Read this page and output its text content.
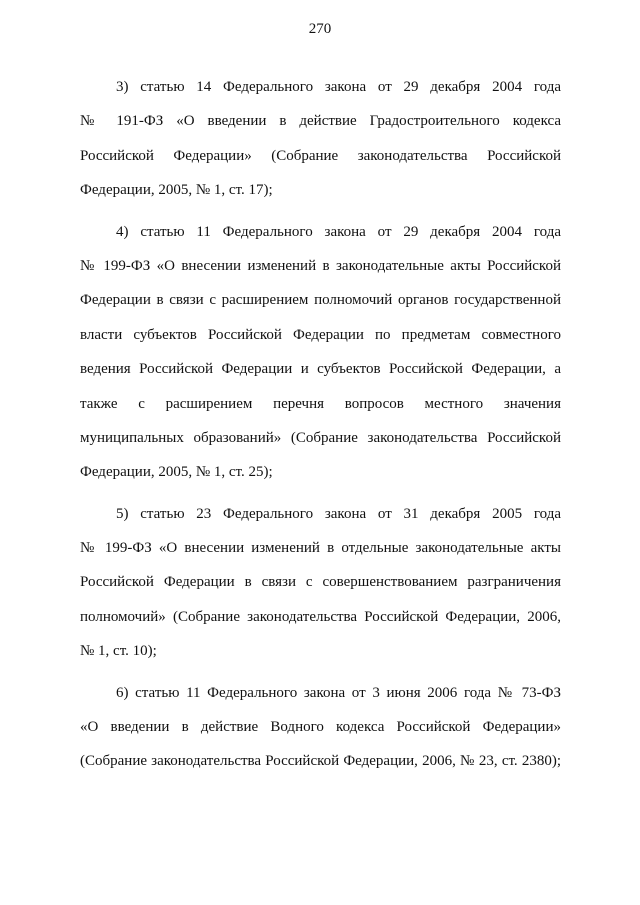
270
3) статью 14 Федерального закона от 29 декабря 2004 года
№ 191-ФЗ «О введении в действие Градостроительного кодекса
Российской Федерации» (Собрание законодательства Российской
Федерации, 2005, № 1, ст. 17);
4) статью 11 Федерального закона от 29 декабря 2004 года
№ 199-ФЗ «О внесении изменений в законодательные акты Российской
Федерации в связи с расширением полномочий органов государственной
власти субъектов Российской Федерации по предметам совместного
ведения Российской Федерации и субъектов Российской Федерации, а
также с расширением перечня вопросов местного значения
муниципальных образований» (Собрание законодательства Российской
Федерации, 2005, № 1, ст. 25);
5) статью 23 Федерального закона от 31 декабря 2005 года
№ 199-ФЗ «О внесении изменений в отдельные законодательные акты
Российской Федерации в связи с совершенствованием разграничения
полномочий» (Собрание законодательства Российской Федерации, 2006,
№ 1, ст. 10);
6) статью 11 Федерального закона от 3 июня 2006 года № 73-ФЗ
«О введении в действие Водного кодекса Российской Федерации»
(Собрание законодательства Российской Федерации, 2006, № 23, ст. 2380);
